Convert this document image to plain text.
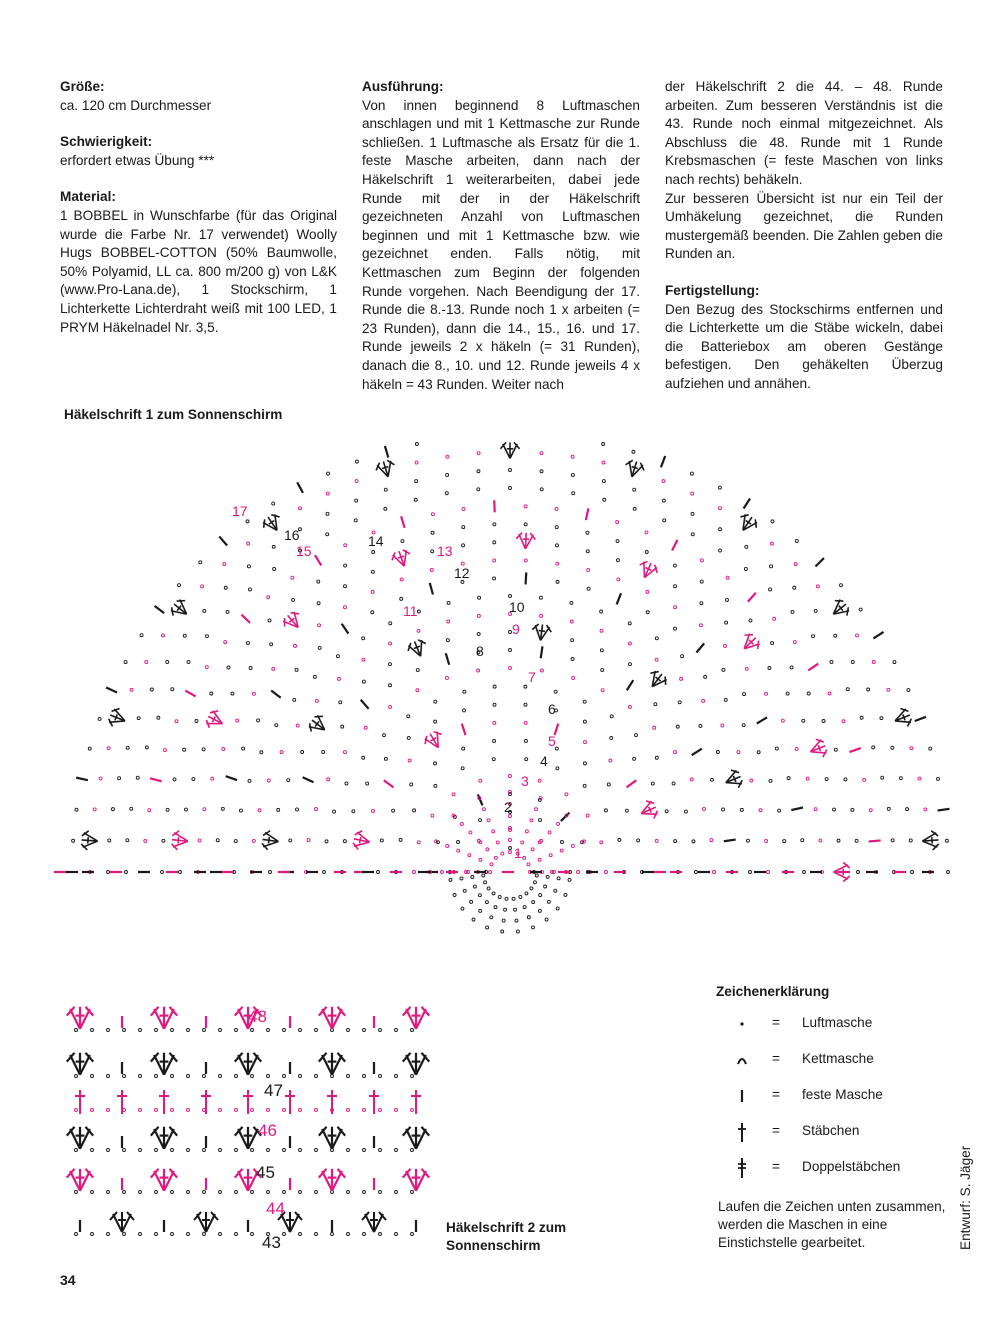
Größe:

ca. 120 cm Durchmesser

Schwierigkeit:

erfordert etwas Übung ***

Material:

1 BOBBEL in Wunschfarbe (für das Original wurde die Farbe Nr. 17 verwendet) Woolly Hugs BOBBEL-COTTON (50% Baumwolle, 50% Polyamid, LL ca. 800 m/200 g) von L&K (www.Pro-Lana.de), 1 Stockschirm, 1 Lichterkette Lichterdraht weiß mit 100 LED, 1 PRYM Häkelnadel Nr. 3,5.

Ausführung:

Von innen beginnend 8 Luftmaschen anschlagen und mit 1 Kettmasche zur Runde schließen. 1 Luftmasche als Ersatz für die 1. feste Masche arbeiten, dann nach der Häkelschrift 1 weiterarbeiten, dabei jede Runde mit der in der Häkelschrift gezeichneten Anzahl von Luftmaschen beginnen und mit 1 Kettmasche bzw. wie gezeichnet enden. Falls nötig, mit Kettmaschen zum Beginn der folgenden Runde vorgehen. Nach Beendigung der 17. Runde die 8.-13. Runde noch 1 x arbeiten (= 23 Runden), dann die 14., 15., 16. und 17. Runde jeweils 2 x häkeln (= 31 Runden), danach die 8., 10. und 12. Runde jeweils 4 x häkeln = 43 Runden. Weiter nach

der Häkelschrift 2 die 44. – 48. Runde arbeiten. Zum besseren Verständnis ist die 43. Runde noch einmal mitgezeichnet. Als Abschluss die 48. Runde mit 1 Runde Krebsmaschen (= feste Maschen von links nach rechts) behäkeln.

Zur besseren Übersicht ist nur ein Teil der Umhäkelung gezeichnet, die Runden mustergemäß beenden. Die Zahlen geben die Runden an.

Fertigstellung:

Den Bezug des Stockschirms entfernen und die Lichterkette um die Stäbe wickeln, dabei die Batteriebox am oberen Gestänge befestigen. Den gehäkelten Überzug aufziehen und annähen.

Häkelschrift 1 zum Sonnenschirm
1
2
3
4
5
6
7
8
9
10
11
12
13
14
15
16
17
43
44
45
46
47
48
Häkelschrift 2 zum Sonnenschirm
Zeichenerklärung
= Luftmasche
= Kettmasche
= feste Masche
= Stäbchen
= Doppelstäbchen
Laufen die Zeichen unten zusammen, werden die Maschen in eine Einstichstelle gearbeitet.	Entwurf: S. Jäger
34
